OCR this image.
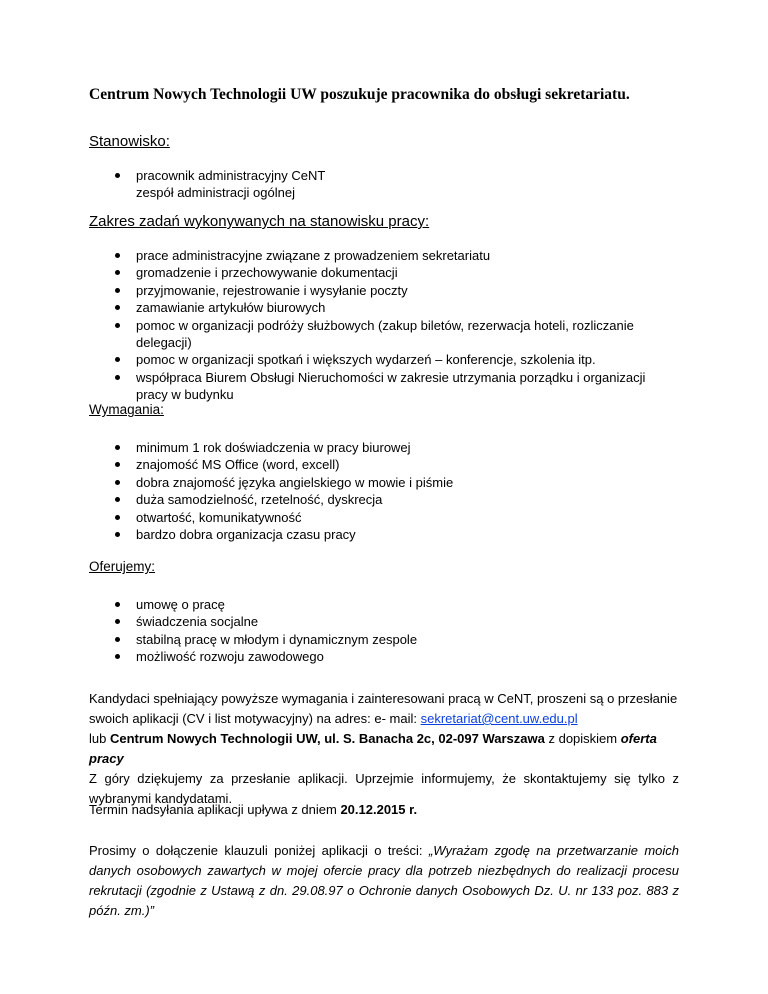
Centrum Nowych Technologii UW poszukuje pracownika do obsługi sekretariatu.
Stanowisko:
pracownik administracyjny CeNT
zespół administracji ogólnej
Zakres zadań wykonywanych na stanowisku pracy:
prace administracyjne związane z prowadzeniem sekretariatu
gromadzenie i przechowywanie dokumentacji
przyjmowanie, rejestrowanie i wysyłanie poczty
zamawianie artykułów biurowych
pomoc w organizacji podróży służbowych (zakup biletów, rezerwacja hoteli, rozliczanie delegacji)
pomoc w organizacji spotkań i większych wydarzeń – konferencje, szkolenia itp.
współpraca Biurem Obsługi Nieruchomości w zakresie utrzymania porządku i organizacji pracy w budynku
Wymagania:
minimum 1 rok doświadczenia w pracy biurowej
znajomość MS Office (word, excell)
dobra znajomość języka angielskiego w mowie i piśmie
duża samodzielność, rzetelność, dyskrecja
otwartość, komunikatywność
bardzo dobra organizacja czasu pracy
Oferujemy:
umowę o pracę
świadczenia socjalne
stabilną pracę w młodym i dynamicznym zespole
możliwość rozwoju zawodowego

Kandydaci spełniający powyższe wymagania i zainteresowani pracą w CeNT, proszeni są o przesłanie swoich aplikacji (CV i list motywacyjny) na adres: e- mail: sekretariat@cent.uw.edu.pl
lub Centrum Nowych Technologii UW, ul. S. Banacha 2c, 02-097 Warszawa z dopiskiem oferta pracy

Z góry dziękujemy za przesłanie aplikacji. Uprzejmie informujemy, że skontaktujemy się tylko z wybranymi kandydatami.

Termin nadsyłania aplikacji upływa z dniem 20.12.2015 r.

Prosimy o dołączenie klauzuli poniżej aplikacji o treści: „Wyrażam zgodę na przetwarzanie moich danych osobowych zawartych w mojej ofercie pracy dla potrzeb niezbędnych do realizacji procesu rekrutacji (zgodnie z Ustawą z dn. 29.08.97 o Ochronie danych Osobowych Dz. U. nr 133 poz. 883 z późn. zm.)”
